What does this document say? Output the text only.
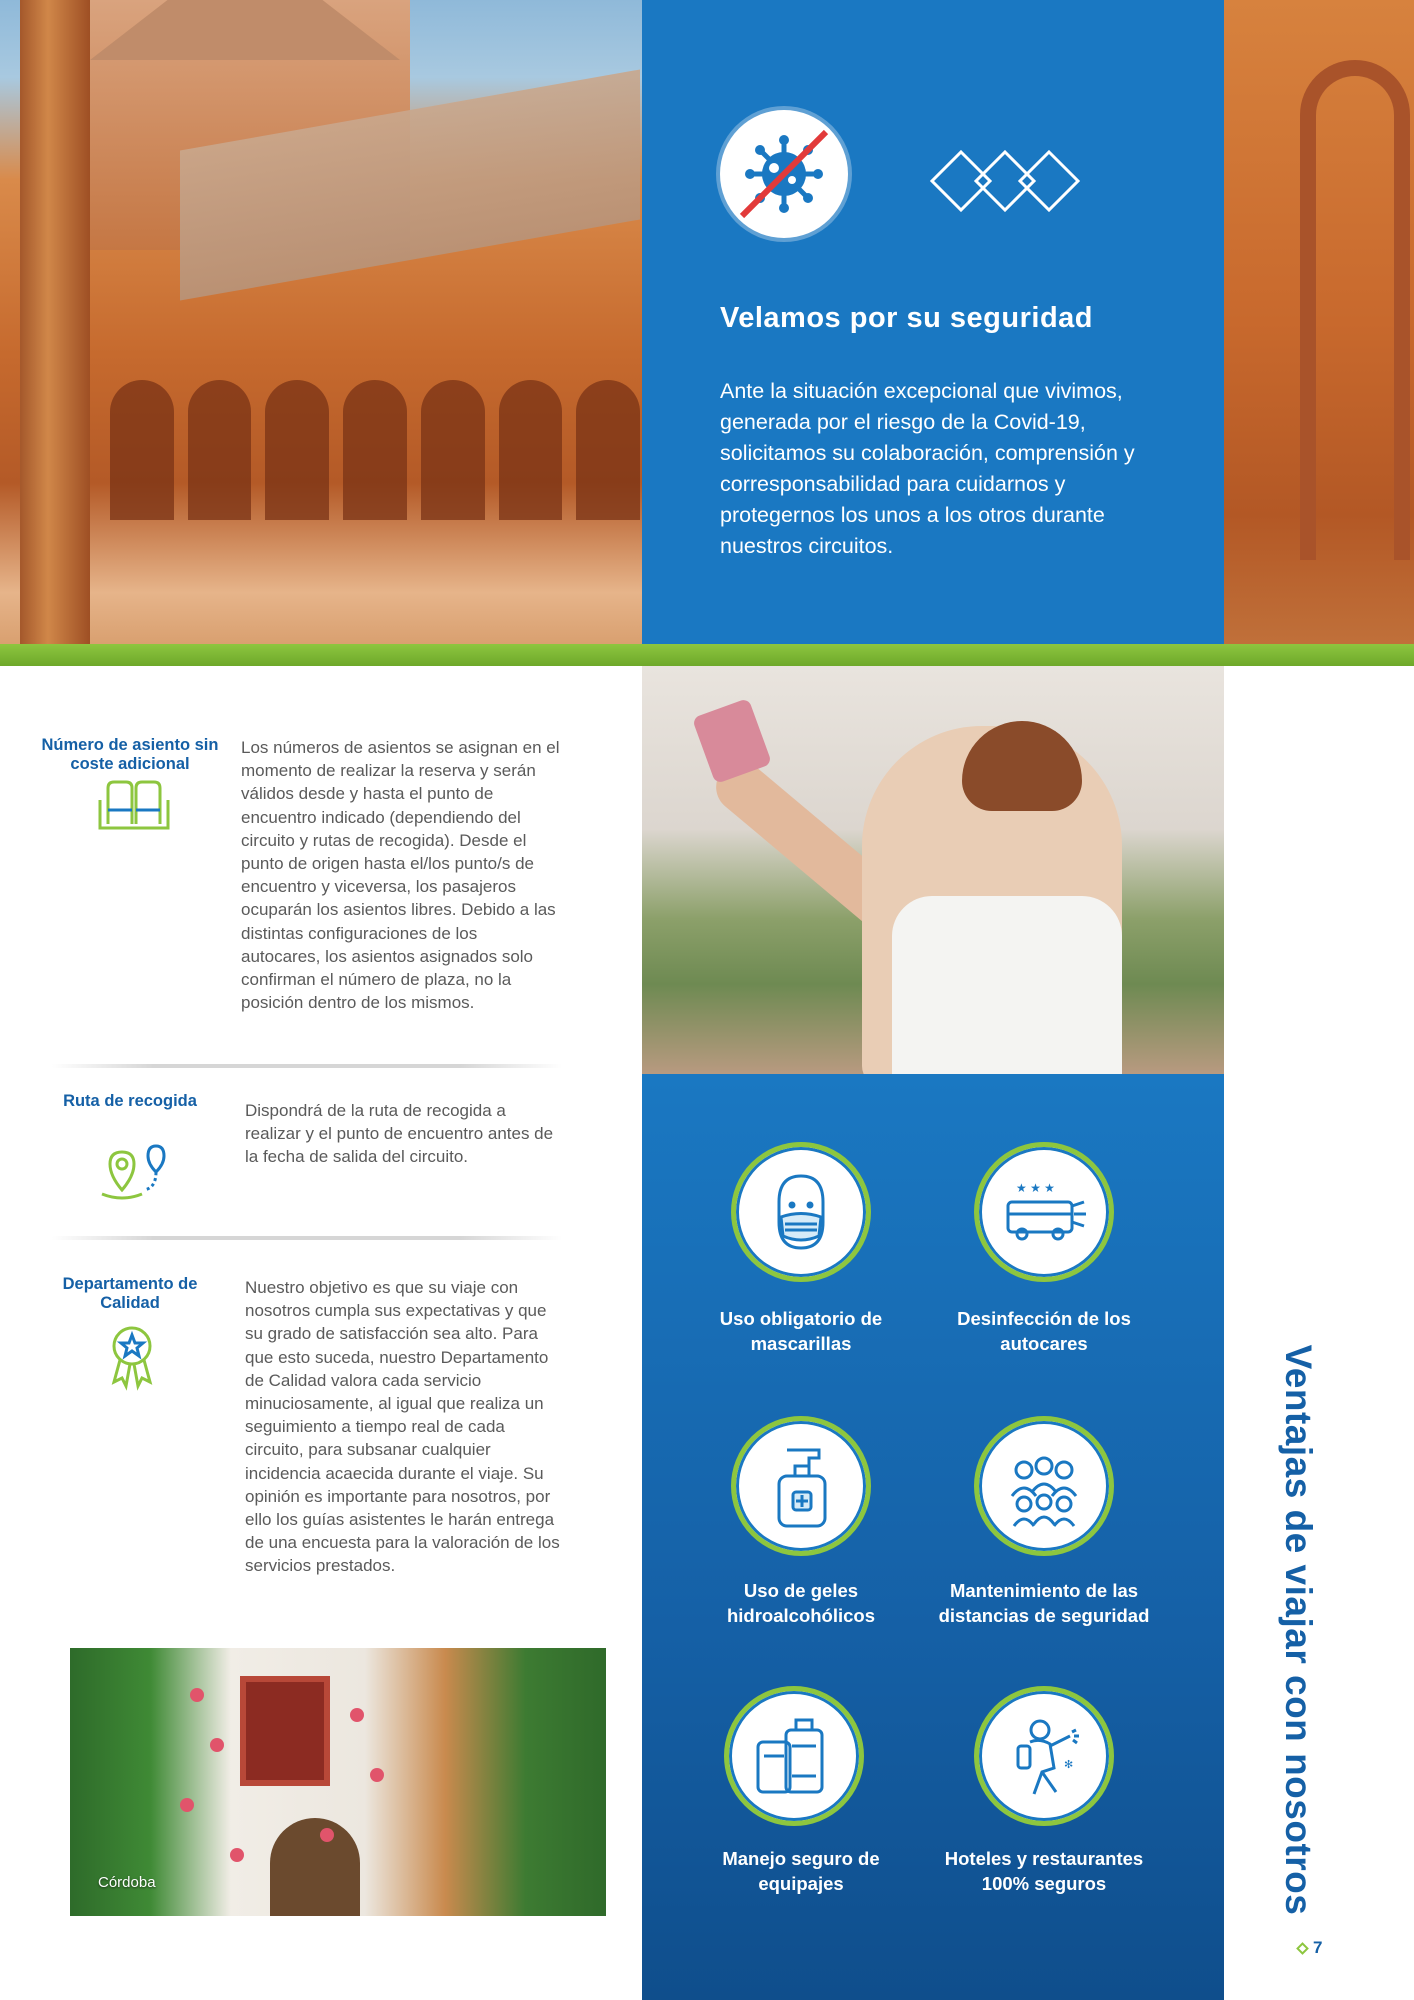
Velamos por su seguridad
Ante la situación excepcional que vivimos, generada por el riesgo de la Covid-19, solicitamos su colaboración, comprensión y corresponsabilidad para cuidarnos y protegernos los unos a los otros durante nuestros circuitos.
Uso obligatorio de mascarillas
★ ★ ★
Desinfección de los autocares
Uso de geles hidroalcohólicos
Mantenimiento de las distancias de seguridad
Manejo seguro de equipajes
✻
Hoteles y restaurantes 100% seguros
Número de asiento sin coste adicional
Los números de asientos se asignan en el momento de realizar la reserva y serán válidos desde y hasta el punto de encuentro indicado (dependiendo del circuito y rutas de recogida). Desde el punto de origen hasta el/los punto/s de encuentro y viceversa, los pasajeros ocuparán los asientos libres. Debido a las distintas configuraciones de los autocares, los asientos asignados solo confirman el número de plaza, no la posición dentro de los mismos.
Ruta de recogida	Dispondrá de la ruta de recogida a realizar y el punto de encuentro antes de la fecha de salida del circuito.
Departamento de Calidad
Nuestro objetivo es que su viaje con nosotros cumpla sus expectativas y que su grado de satisfacción sea alto. Para que esto suceda, nuestro Departamento de Calidad valora cada servicio minuciosamente, al igual que realiza un seguimiento a tiempo real de cada circuito, para subsanar cualquier incidencia acaecida durante el viaje. Su opinión es importante para nosotros, por ello los guías asistentes le harán entrega de una encuesta para la valoración de los servicios prestados.
Córdoba	Ventajas de viajar con nosotros
7
